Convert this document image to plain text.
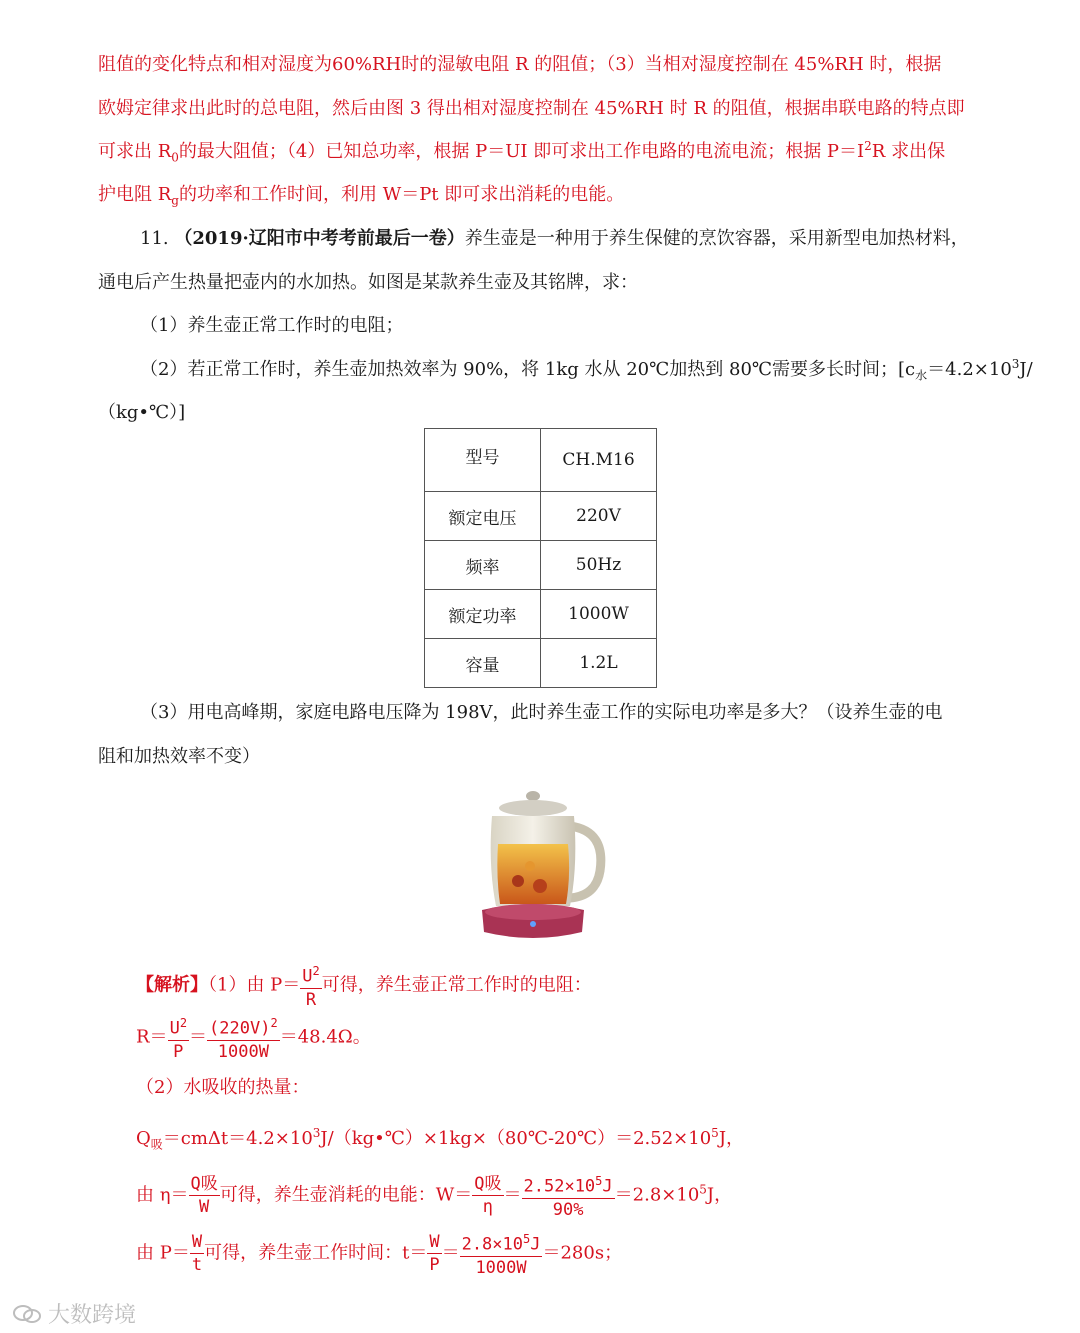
阻值的变化特点和相对湿度为60%RH时的湿敏电阻 R 的阻值；（3）当相对湿度控制在 45%RH 时，根据
欧姆定律求出此时的总电阻，然后由图 3 得出相对湿度控制在 45%RH 时 R 的阻值，根据串联电路的特点即
可求出 $R_0$的最大阻值；（4）已知总功率，根据 P＝UI 即可求出工作电路的电流电流；根据 $P=I^2R$ 求出保
护电阻 $R_g$的功率和工作时间，利用 W＝Pt 即可求出消耗的电能。
11. （2019·辽阳市中考考前最后一卷）养生壶是一种用于养生保健的烹饮容器，采用新型电加热材料，
通电后产生热量把壶内的水加热。如图是某款养生壶及其铭牌，求：
（1）养生壶正常工作时的电阻；
（2）若正常工作时，养生壶加热效率为 90%，将 1kg 水从 20℃加热到 80℃需要多长时间；[$c_水=4.2\times 10^3J/$
（kg•℃）]
型号	CH.M16
额定电压	220V
频率	50Hz
额定功率	1000W
容量	1.2L
（3）用电高峰期，家庭电路电压降为 198V，此时养生壶工作的实际电功率是多大？（设养生壶的电
阻和加热效率不变）
【解析】（1）由 $P= \frac{U^2}{R}$ 可得，养生壶正常工作时的电阻：
$R= \frac{U^2}{P} = \frac{(220V)^2}{1000W} =48.4\Omega$。
（2）水吸收的热量：
$Q_吸=cm\Delta t=4.2\times 10^3J/(kg•℃)\times 1kg\times(80℃-20℃)=2.52\times 10^5J$，
由 $\eta= \frac{\text{Q吸}}{W}$ 可得，养生壶消耗的电能：$W= \frac{\text{Q吸}}{\eta} = \frac{2.52\times 10^5J}{90\%} =2.8\times 10^5J$，
由 $P= \frac{W}{t}$ 可得，养生壶工作时间：$t= \frac{W}{P} = \frac{2.8\times 10^5J}{1000W} =280s$；
大数跨境
